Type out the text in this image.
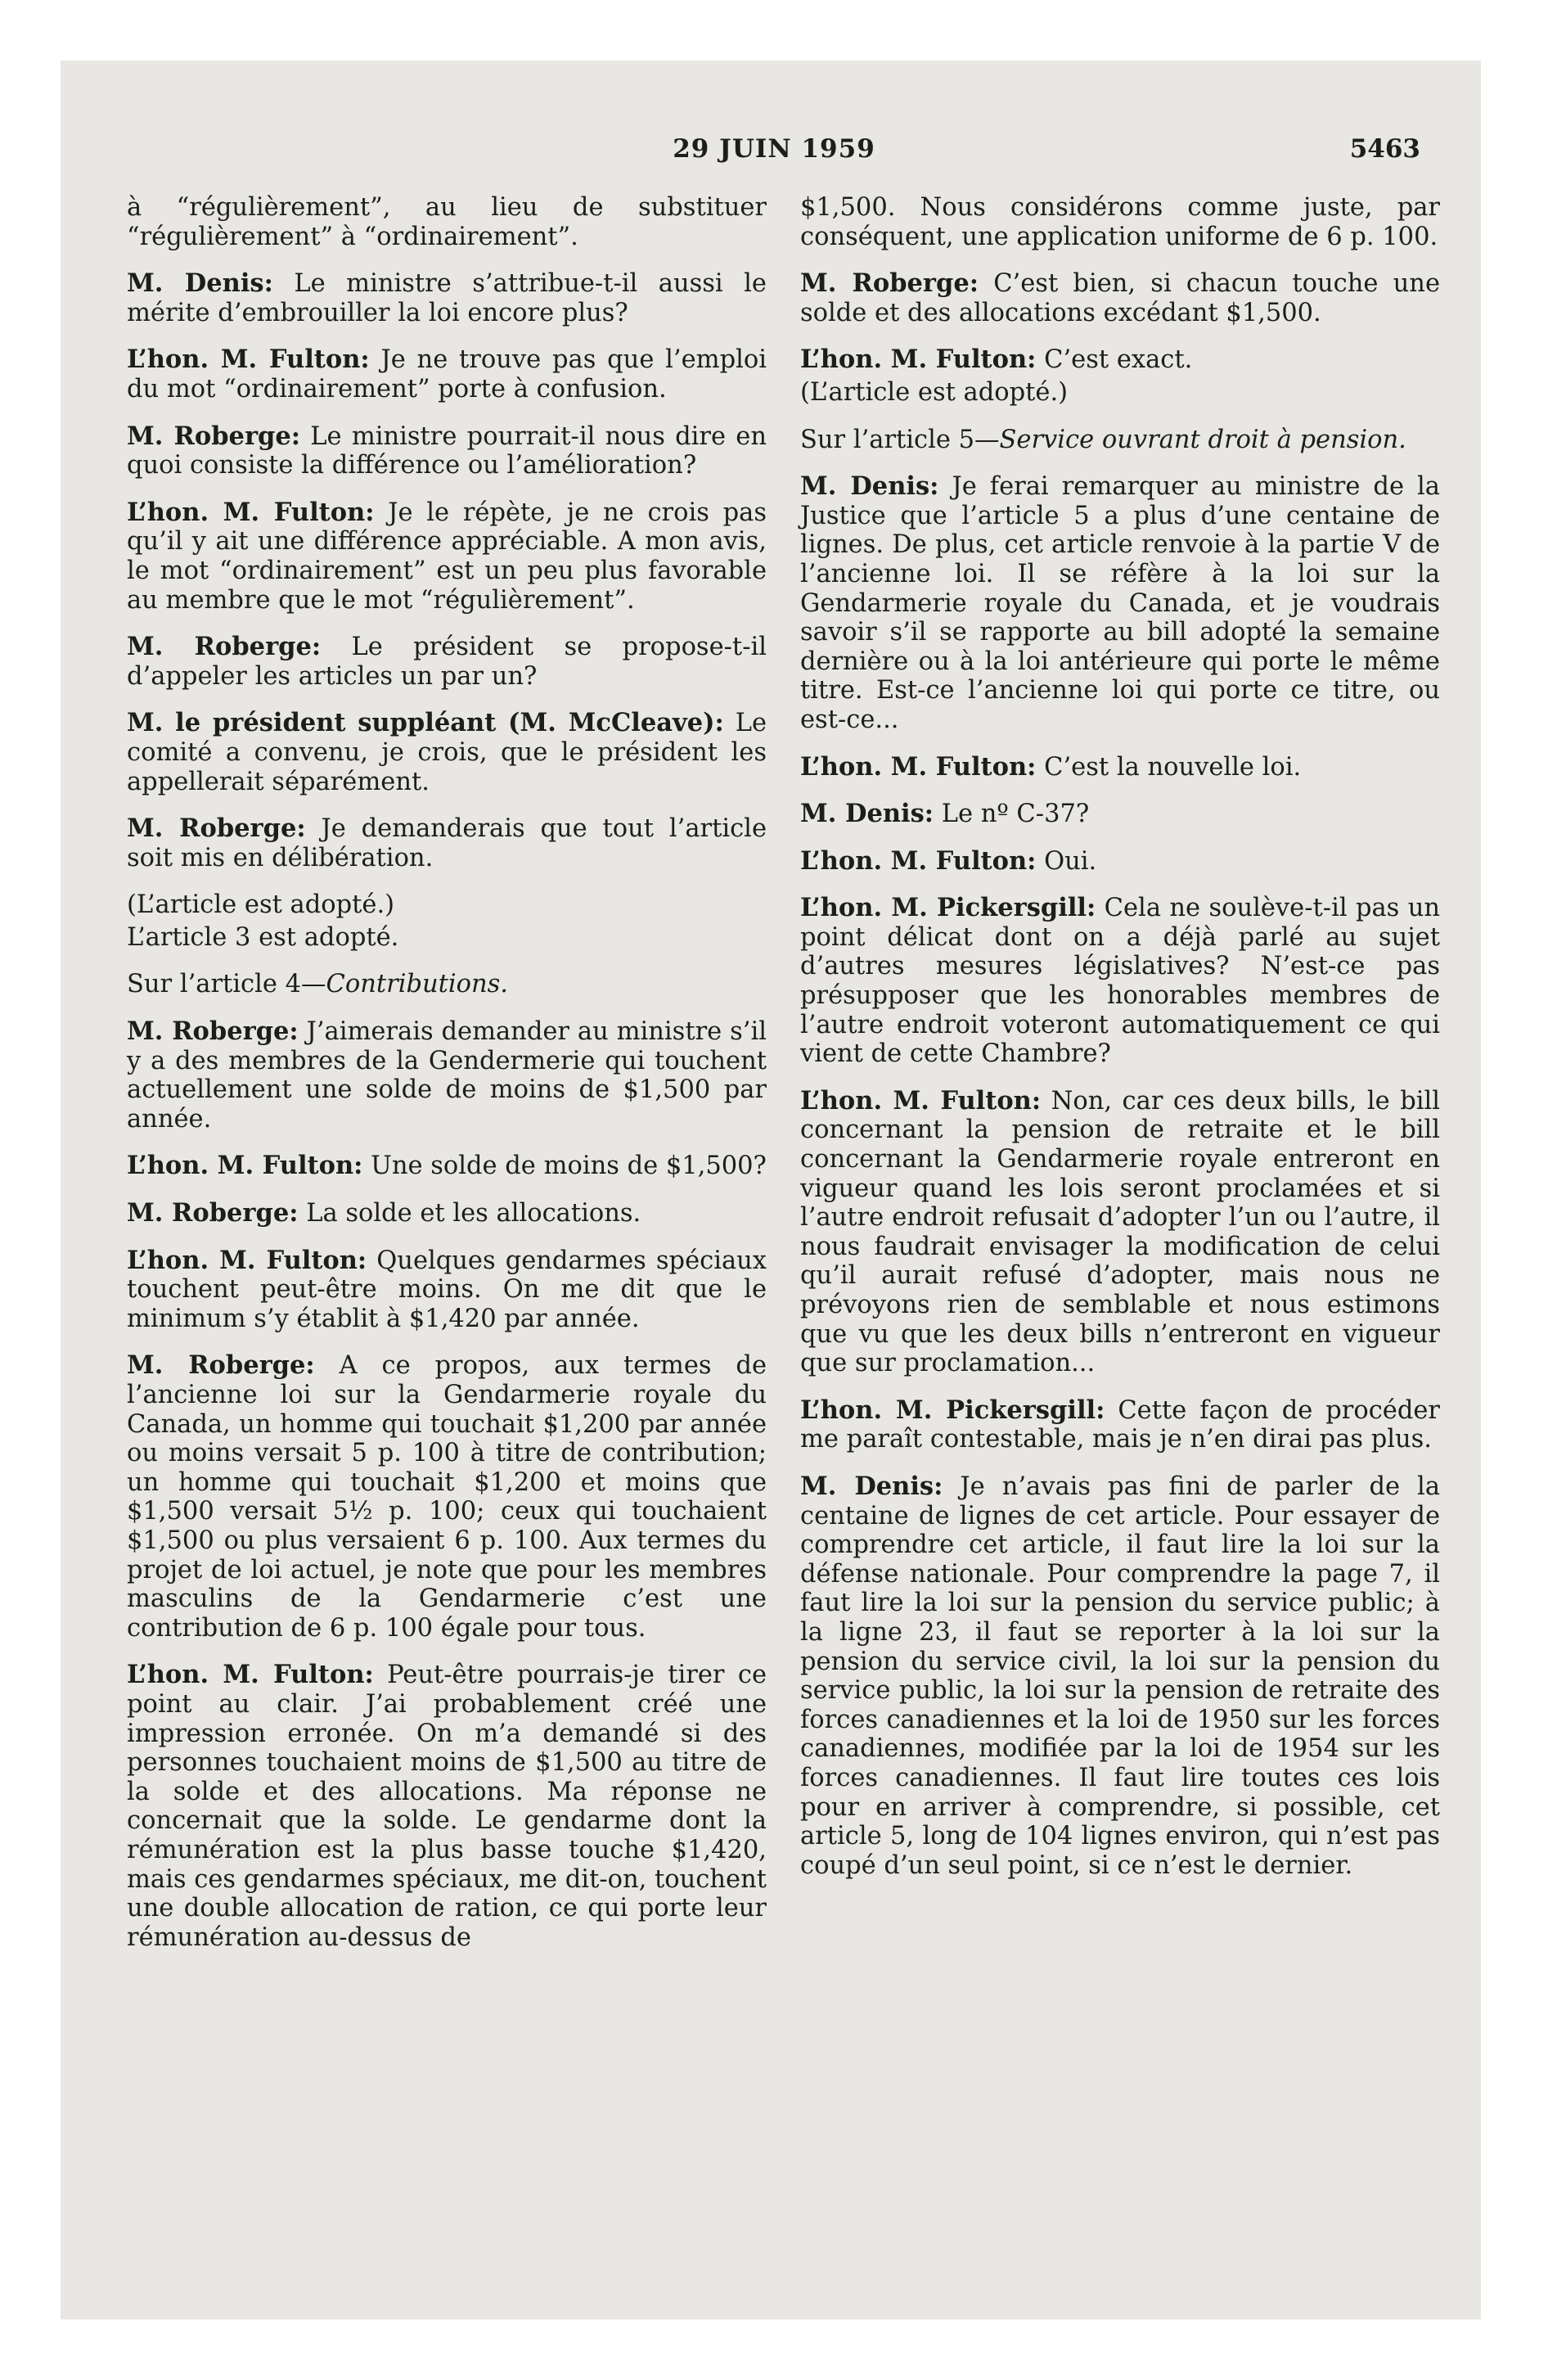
29 JUIN 1959	5463

à “régulièrement”, au lieu de substituer “régulièrement” à “ordinairement”.

M. Denis: Le ministre s’attribue-t-il aussi le mérite d’embrouiller la loi encore plus?

L’hon. M. Fulton: Je ne trouve pas que l’emploi du mot “ordinairement” porte à confusion.

M. Roberge: Le ministre pourrait-il nous dire en quoi consiste la différence ou l’amélioration?

L’hon. M. Fulton: Je le répète, je ne crois pas qu’il y ait une différence appréciable. A mon avis, le mot “ordinairement” est un peu plus favorable au membre que le mot “régulièrement”.

M. Roberge: Le président se propose-t-il d’appeler les articles un par un?

M. le président suppléant (M. McCleave): Le comité a convenu, je crois, que le président les appellerait séparément.

M. Roberge: Je demanderais que tout l’article soit mis en délibération.

(L’article est adopté.)

L’article 3 est adopté.

Sur l’article 4—Contributions.

M. Roberge: J’aimerais demander au ministre s’il y a des membres de la Gendermerie qui touchent actuellement une solde de moins de $1,500 par année.

L’hon. M. Fulton: Une solde de moins de $1,500?

M. Roberge: La solde et les allocations.

L’hon. M. Fulton: Quelques gendarmes spéciaux touchent peut-être moins. On me dit que le minimum s’y établit à $1,420 par année.

M. Roberge: A ce propos, aux termes de l’ancienne loi sur la Gendarmerie royale du Canada, un homme qui touchait $1,200 par année ou moins versait 5 p. 100 à titre de contribution; un homme qui touchait $1,200 et moins que $1,500 versait 5½ p. 100; ceux qui touchaient $1,500 ou plus versaient 6 p. 100. Aux termes du projet de loi actuel, je note que pour les membres masculins de la Gendarmerie c’est une contribution de 6 p. 100 égale pour tous.

L’hon. M. Fulton: Peut-être pourrais-je tirer ce point au clair. J’ai probablement créé une impression erronée. On m’a demandé si des personnes touchaient moins de $1,500 au titre de la solde et des allocations. Ma réponse ne concernait que la solde. Le gendarme dont la rémunération est la plus basse touche $1,420, mais ces gendarmes spéciaux, me dit-on, touchent une double allocation de ration, ce qui porte leur rémunération au-dessus de

$1,500. Nous considérons comme juste, par conséquent, une application uniforme de 6 p. 100.

M. Roberge: C’est bien, si chacun touche une solde et des allocations excédant $1,500.

L’hon. M. Fulton: C’est exact.

(L’article est adopté.)

Sur l’article 5—Service ouvrant droit à pension.

M. Denis: Je ferai remarquer au ministre de la Justice que l’article 5 a plus d’une centaine de lignes. De plus, cet article renvoie à la partie V de l’ancienne loi. Il se réfère à la loi sur la Gendarmerie royale du Canada, et je voudrais savoir s’il se rapporte au bill adopté la semaine dernière ou à la loi antérieure qui porte le même titre. Est-ce l’ancienne loi qui porte ce titre, ou est-ce...

L’hon. M. Fulton: C’est la nouvelle loi.

M. Denis: Le nº C-37?

L’hon. M. Fulton: Oui.

L’hon. M. Pickersgill: Cela ne soulève-t-il pas un point délicat dont on a déjà parlé au sujet d’autres mesures législatives? N’est-ce pas présupposer que les honorables membres de l’autre endroit voteront automatiquement ce qui vient de cette Chambre?

L’hon. M. Fulton: Non, car ces deux bills, le bill concernant la pension de retraite et le bill concernant la Gendarmerie royale entreront en vigueur quand les lois seront proclamées et si l’autre endroit refusait d’adopter l’un ou l’autre, il nous faudrait envisager la modification de celui qu’il aurait refusé d’adopter, mais nous ne prévoyons rien de semblable et nous estimons que vu que les deux bills n’entreront en vigueur que sur proclamation...

L’hon. M. Pickersgill: Cette façon de procéder me paraît contestable, mais je n’en dirai pas plus.

M. Denis: Je n’avais pas fini de parler de la centaine de lignes de cet article. Pour essayer de comprendre cet article, il faut lire la loi sur la défense nationale. Pour comprendre la page 7, il faut lire la loi sur la pension du service public; à la ligne 23, il faut se reporter à la loi sur la pension du service civil, la loi sur la pension du service public, la loi sur la pension de retraite des forces canadiennes et la loi de 1950 sur les forces canadiennes, modifiée par la loi de 1954 sur les forces canadiennes. Il faut lire toutes ces lois pour en arriver à comprendre, si possible, cet article 5, long de 104 lignes environ, qui n’est pas coupé d’un seul point, si ce n’est le dernier.
